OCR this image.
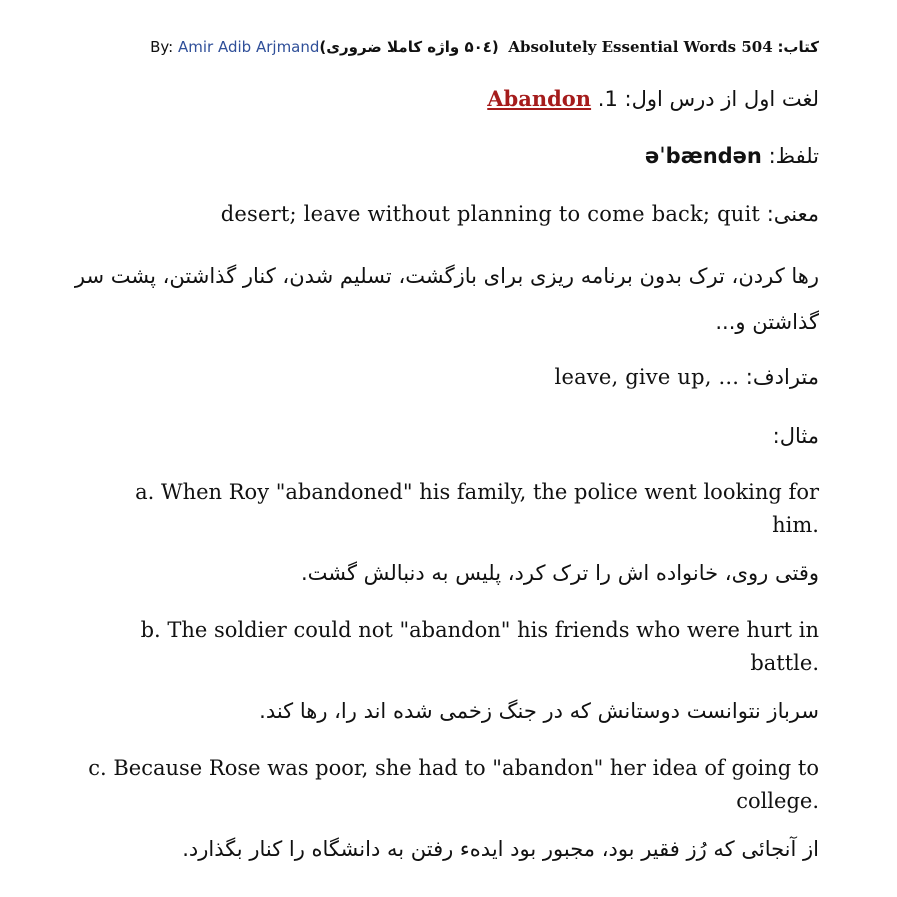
By: Amir Adib Arjmand(۵۰٤ واژه کاملا ضروری) Absolutely Essential Words 504 کتاب:
لغت اول از درس اول: 1. Abandon
تلفظ: əˈbændən
معنی: desert; leave without planning to come back; quit
رها کردن، ترک بدون برنامه ریزی برای بازگشت، تسلیم شدن، کنار گذاشتن، پشت سر گذاشتن و...
مترادف: leave, give up, ...
مثال:
a. When Roy "abandoned" his family, the police went looking for him.
وقتی روی، خانواده اش را ترک کرد، پلیس به دنبالش گشت.
b. The soldier could not "abandon" his friends who were hurt in battle.
سرباز نتوانست دوستانش که در جنگ زخمی شده اند را، رها کند.
c. Because Rose was poor, she had to "abandon" her idea of going to college.
از آنجائی که رُز فقیر بود، مجبور بود ایدهء رفتن به دانشگاه را کنار بگذارد.
